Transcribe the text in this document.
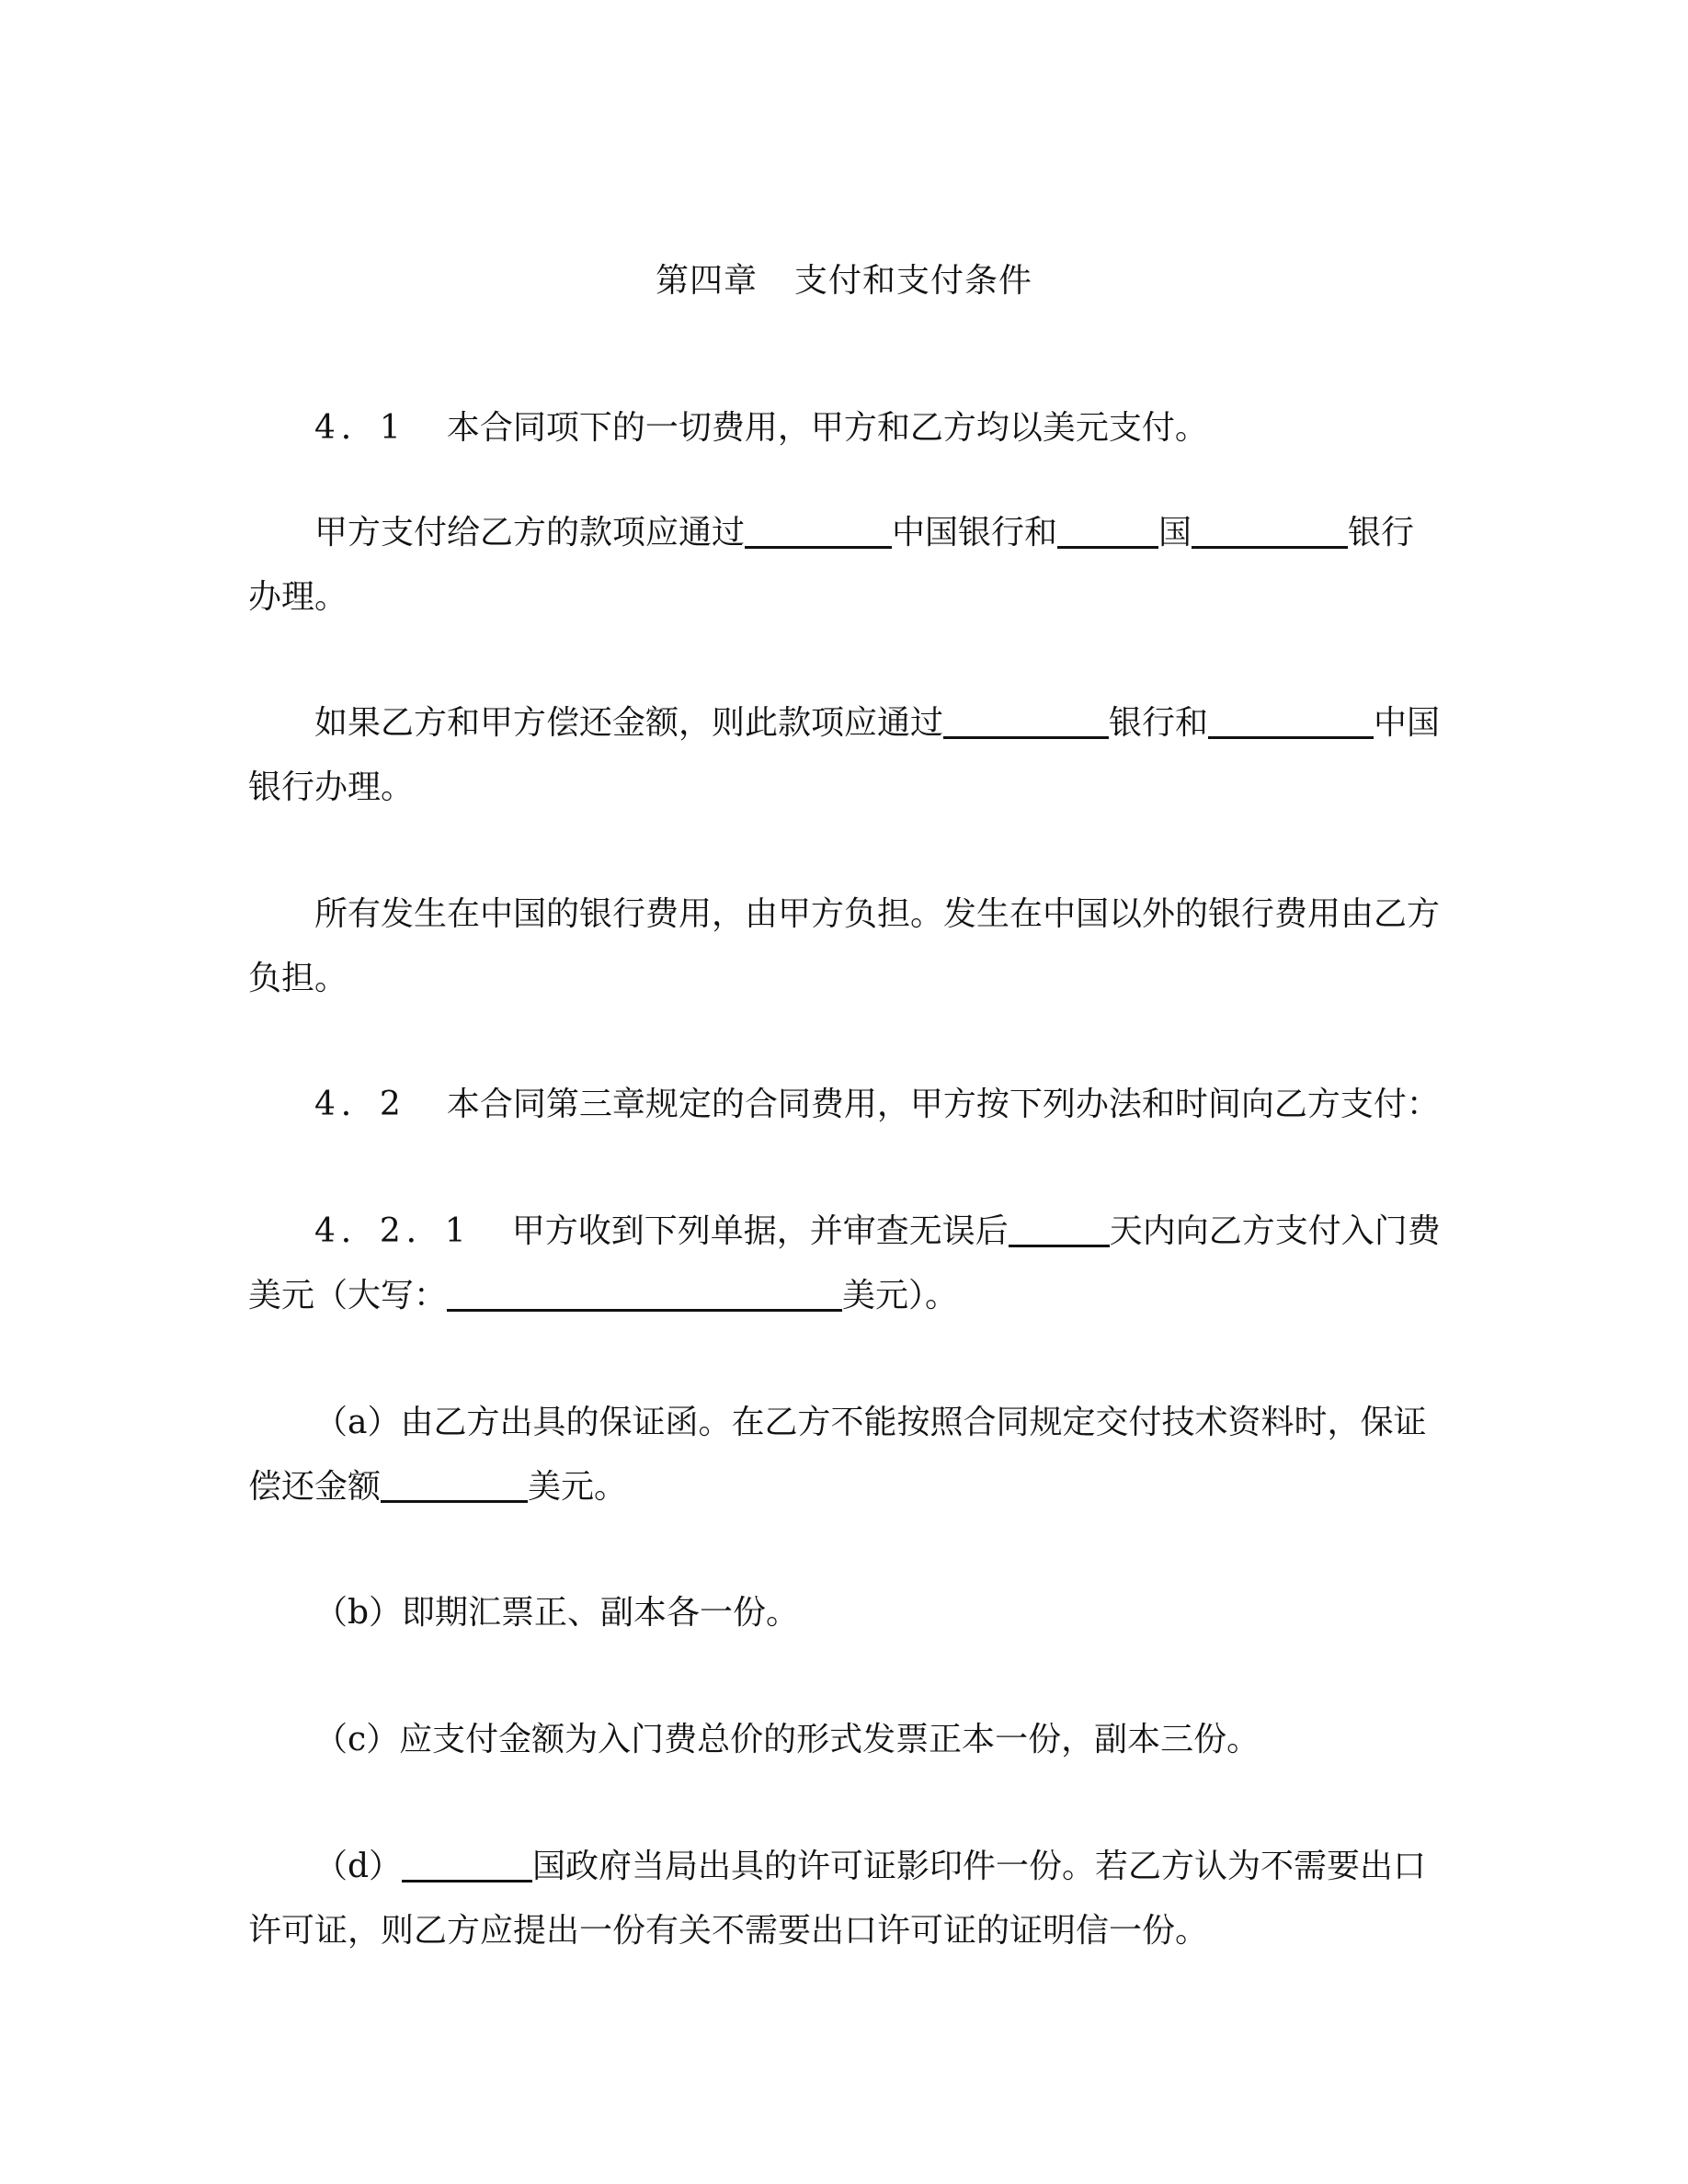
第四章 支付和支付条件
4．1 本合同项下的一切费用，甲方和乙方均以美元支付。
甲方支付给乙方的款项应通过	中国银行和	国	银行
办理。
如果乙方和甲方偿还金额，则此款项应通过	银行和	中国
银行办理。
所有发生在中国的银行费用，由甲方负担。发生在中国以外的银行费用由乙方
负担。
4．2 本合同第三章规定的合同费用，甲方按下列办法和时间向乙方支付：
4．2．1 甲方收到下列单据，并审查无误后	天内向乙方支付入门费
美元（大写：	美元）。
（a）由乙方出具的保证函。在乙方不能按照合同规定交付技术资料时，保证
偿还金额	美元。
（b）即期汇票正、副本各一份。
（c）应支付金额为入门费总价的形式发票正本一份，副本三份。
（d）	国政府当局出具的许可证影印件一份。若乙方认为不需要出口
许可证，则乙方应提出一份有关不需要出口许可证的证明信一份。
